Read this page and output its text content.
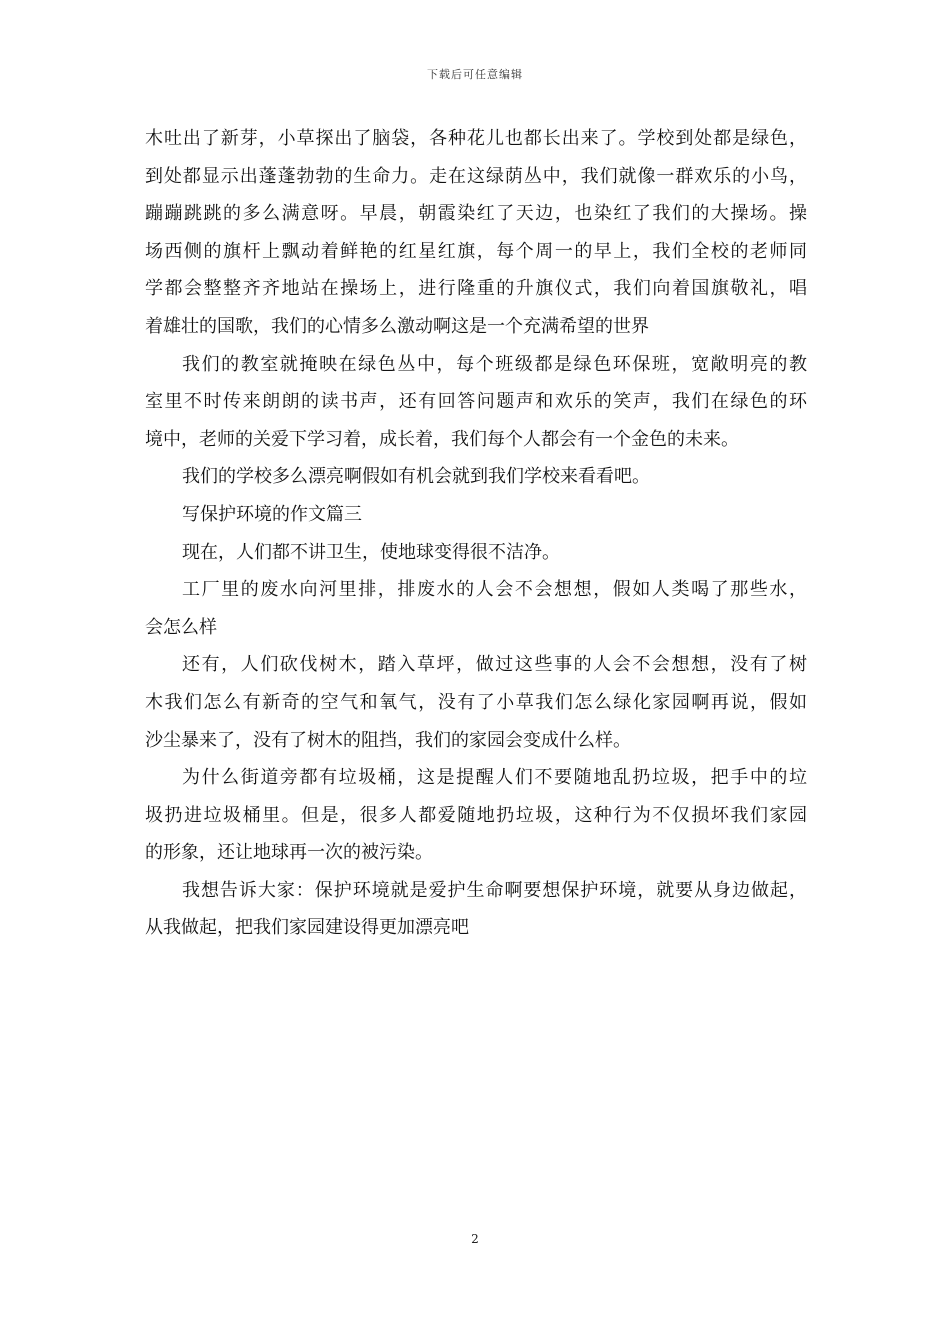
下载后可任意编辑
木吐出了新芽，小草探出了脑袋，各种花儿也都长出来了。学校到处都是绿色，
到处都显示出蓬蓬勃勃的生命力。走在这绿荫丛中，我们就像一群欢乐的小鸟，
蹦蹦跳跳的多么满意呀。早晨，朝霞染红了天边，也染红了我们的大操场。操
场西侧的旗杆上飘动着鲜艳的红星红旗，每个周一的早上，我们全校的老师同
学都会整整齐齐地站在操场上，进行隆重的升旗仪式，我们向着国旗敬礼，唱
着雄壮的国歌，我们的心情多么激动啊这是一个充满希望的世界
我们的教室就掩映在绿色丛中，每个班级都是绿色环保班，宽敞明亮的教
室里不时传来朗朗的读书声，还有回答问题声和欢乐的笑声，我们在绿色的环
境中，老师的关爱下学习着，成长着，我们每个人都会有一个金色的未来。
我们的学校多么漂亮啊假如有机会就到我们学校来看看吧。
写保护环境的作文篇三
现在，人们都不讲卫生，使地球变得很不洁净。
工厂里的废水向河里排，排废水的人会不会想想，假如人类喝了那些水，
会怎么样
还有，人们砍伐树木，踏入草坪，做过这些事的人会不会想想，没有了树
木我们怎么有新奇的空气和氧气，没有了小草我们怎么绿化家园啊再说，假如
沙尘暴来了，没有了树木的阻挡，我们的家园会变成什么样。
为什么街道旁都有垃圾桶，这是提醒人们不要随地乱扔垃圾，把手中的垃
圾扔进垃圾桶里。但是，很多人都爱随地扔垃圾，这种行为不仅损坏我们家园
的形象，还让地球再一次的被污染。
我想告诉大家：保护环境就是爱护生命啊要想保护环境，就要从身边做起，
从我做起，把我们家园建设得更加漂亮吧
2
